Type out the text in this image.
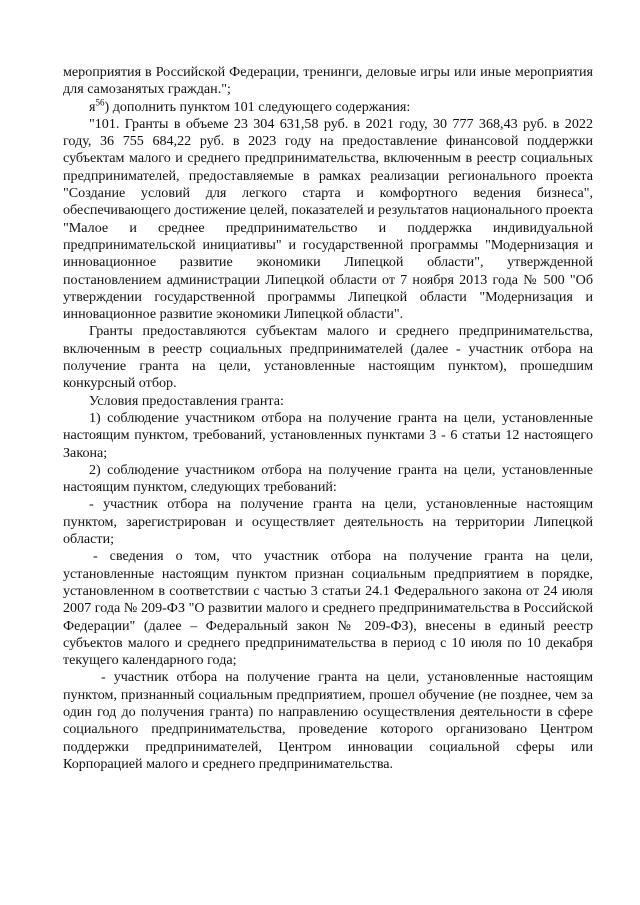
мероприятия в Российской Федерации, тренинги, деловые игры или иные мероприятия для самозанятых граждан.";

$я^{56}$) дополнить пунктом 101 следующего содержания:

"101. Гранты в объеме 23 304 631,58 руб. в 2021 году, 30 777 368,43 руб. в 2022 году, 36 755 684,22 руб. в 2023 году на предоставление финансовой поддержки субъектам малого и среднего предпринимательства, включенным в реестр социальных предпринимателей, предоставляемые в рамках реализации регионального проекта "Создание условий для легкого старта и комфортного ведения бизнеса", обеспечивающего достижение целей, показателей и результатов национального проекта "Малое и среднее предпринимательство и поддержка индивидуальной предпринимательской инициативы" и государственной программы "Модернизация и инновационное развитие экономики Липецкой области", утвержденной постановлением администрации Липецкой области от 7 ноября 2013 года № 500 "Об утверждении государственной программы Липецкой области "Модернизация и инновационное развитие экономики Липецкой области".

Гранты предоставляются субъектам малого и среднего предпринимательства, включенным в реестр социальных предпринимателей (далее - участник отбора на получение гранта на цели, установленные настоящим пунктом), прошедшим конкурсный отбор.

Условия предоставления гранта:

1) соблюдение участником отбора на получение гранта на цели, установленные настоящим пунктом, требований, установленных пунктами 3 - 6 статьи 12 настоящего Закона;

2) соблюдение участником отбора на получение гранта на цели, установленные настоящим пунктом, следующих требований:

- участник отбора на получение гранта на цели, установленные настоящим пунктом, зарегистрирован и осуществляет деятельность на территории Липецкой области;

- сведения о том, что участник отбора на получение гранта на цели, установленные настоящим пунктом признан социальным предприятием в порядке, установленном в соответствии с частью 3 статьи 24.1 Федерального закона от 24 июля 2007 года № 209-ФЗ "О развитии малого и среднего предпринимательства в Российской Федерации" (далее – Федеральный закон № 209-ФЗ), внесены в единый реестр субъектов малого и среднего предпринимательства в период с 10 июля по 10 декабря текущего календарного года;

- участник отбора на получение гранта на цели, установленные настоящим пунктом, признанный социальным предприятием, прошел обучение (не позднее, чем за один год до получения гранта) по направлению осуществления деятельности в сфере социального предпринимательства, проведение которого организовано Центром поддержки предпринимателей, Центром инновации социальной сферы или Корпорацией малого и среднего предпринимательства.
